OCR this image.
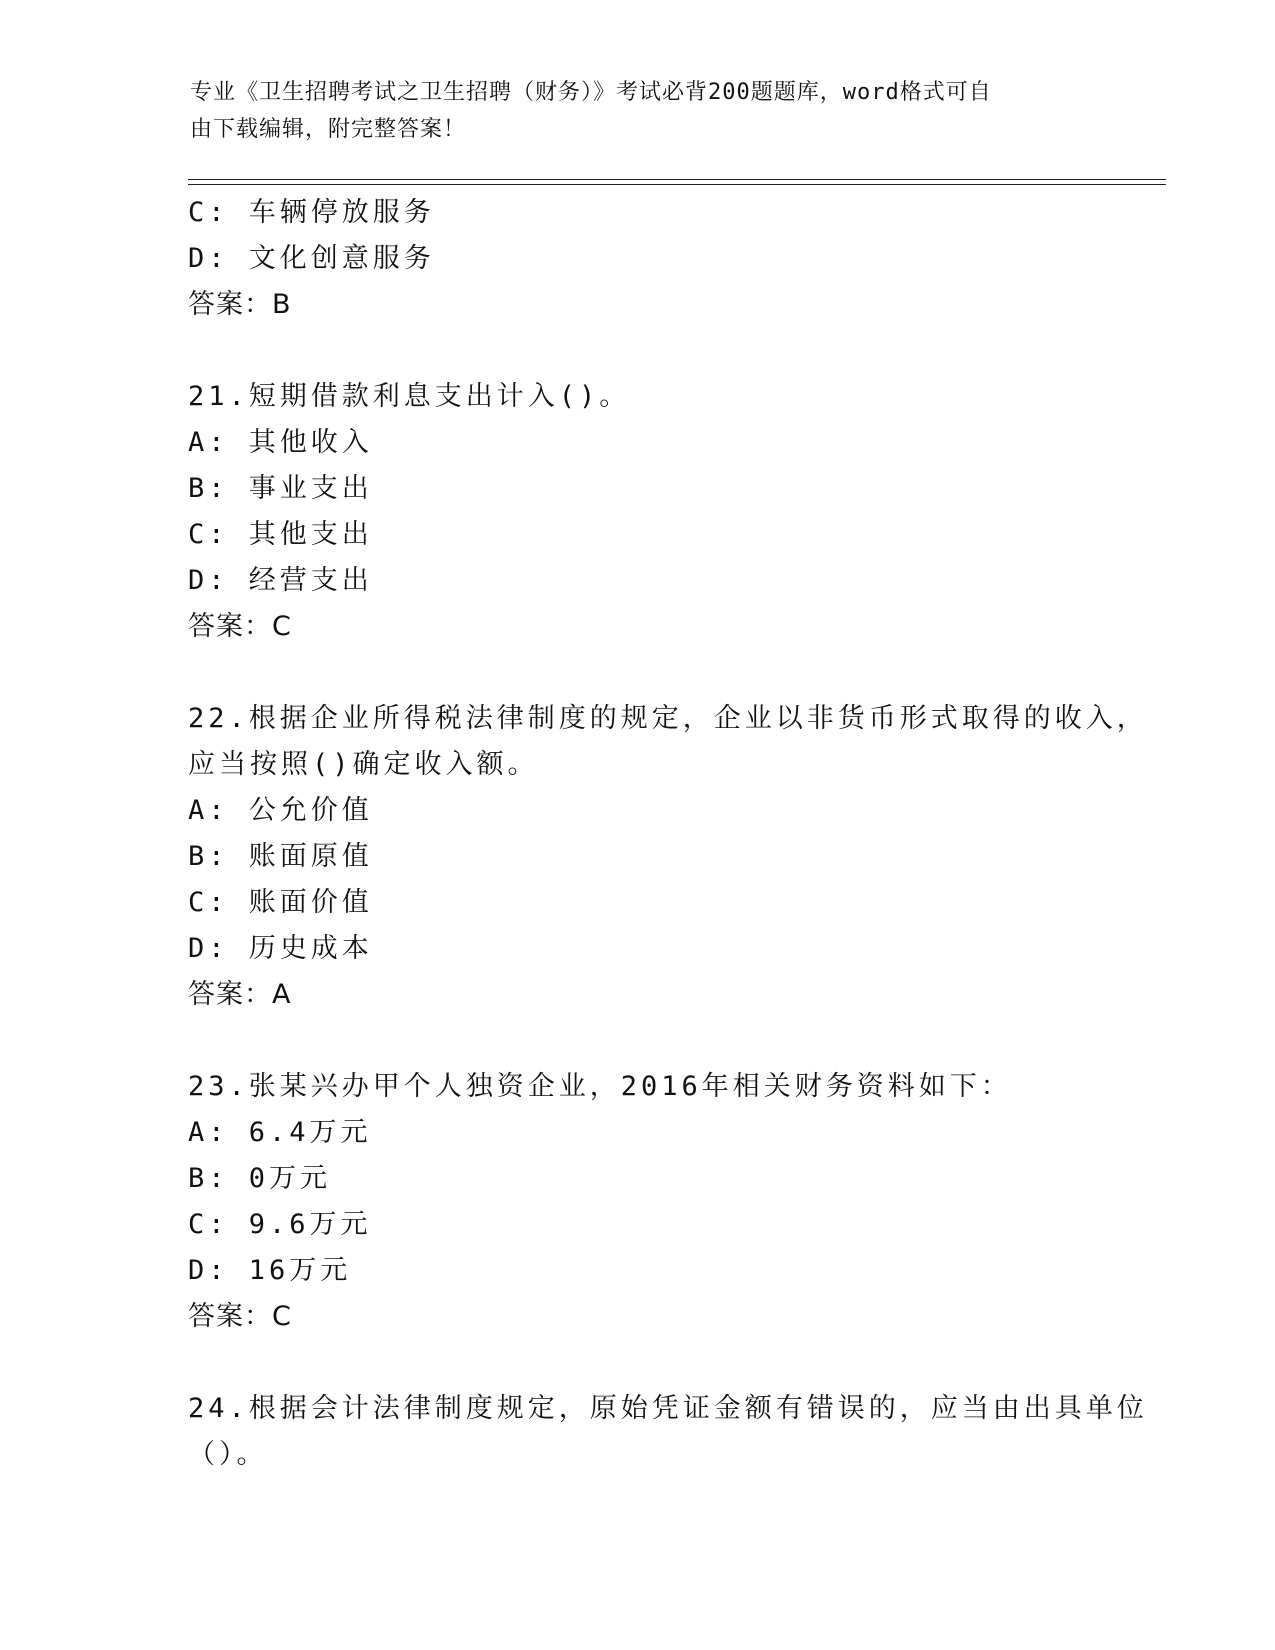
专业《卫生招聘考试之卫生招聘（财务）》考试必背200题题库，word格式可自
由下载编辑，附完整答案！
C: 车辆停放服务
D: 文化创意服务
答案：B
21.短期借款利息支出计入()。
A: 其他收入
B: 事业支出
C: 其他支出
D: 经营支出
答案：C
22.根据企业所得税法律制度的规定，企业以非货币形式取得的收入，
应当按照()确定收入额。
A: 公允价值
B: 账面原值
C: 账面价值
D: 历史成本
答案：A
23.张某兴办甲个人独资企业，2016年相关财务资料如下：
A: 6.4万元
B: 0万元
C: 9.6万元
D: 16万元
答案：C
24.根据会计法律制度规定，原始凭证金额有错误的，应当由出具单位
（）。
